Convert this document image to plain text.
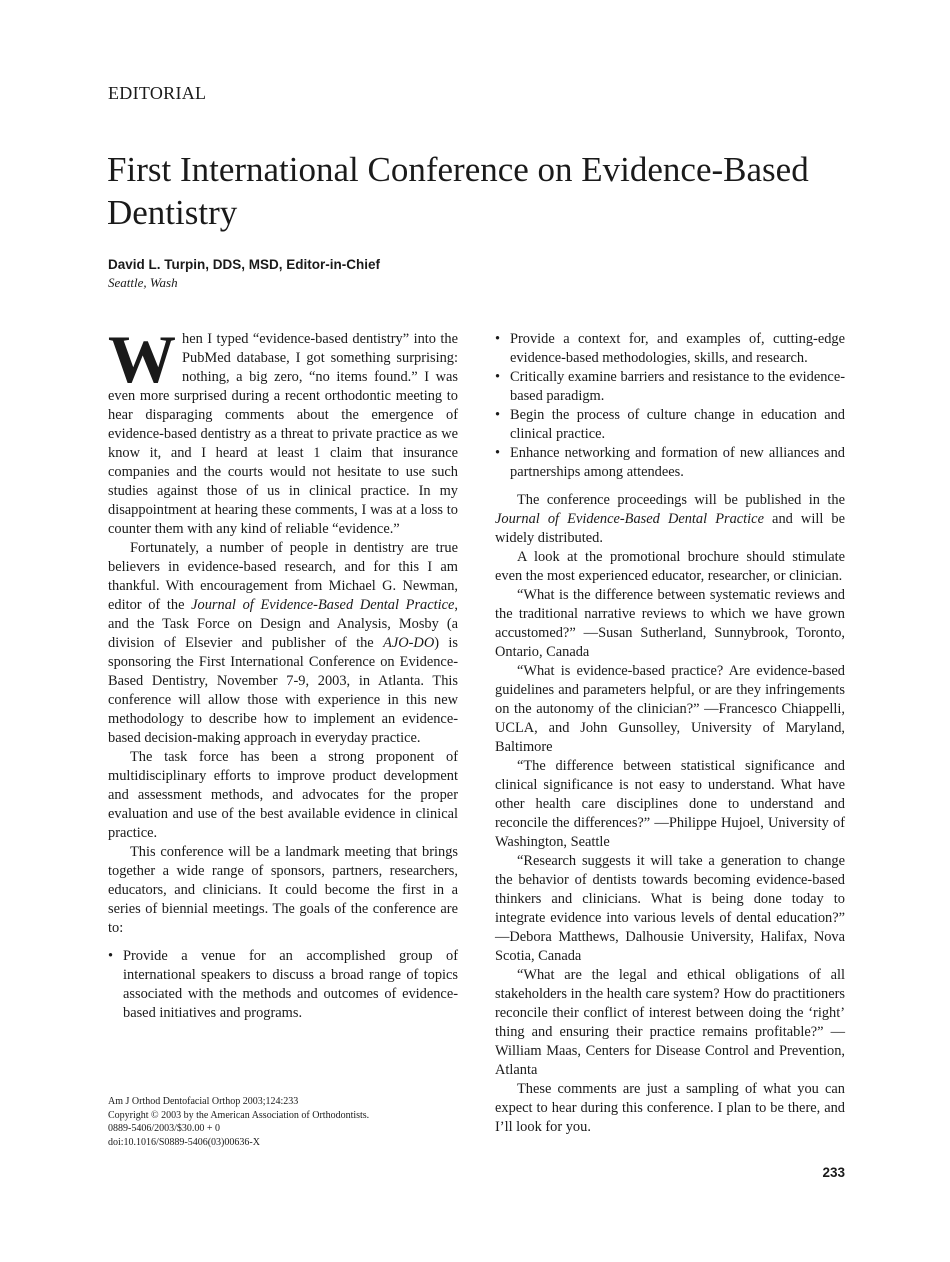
EDITORIAL
First International Conference on Evidence-Based Dentistry
David L. Turpin, DDS, MSD, Editor-in-Chief
Seattle, Wash

When I typed “evidence-based dentistry” into the PubMed database, I got something surprising: nothing, a big zero, “no items found.” I was even more surprised during a recent orthodontic meeting to hear disparaging comments about the emergence of evidence-based dentistry as a threat to private practice as we know it, and I heard at least 1 claim that insurance companies and the courts would not hesitate to use such studies against those of us in clinical practice. In my disappointment at hearing these comments, I was at a loss to counter them with any kind of reliable “evidence.”

Fortunately, a number of people in dentistry are true believers in evidence-based research, and for this I am thankful. With encouragement from Michael G. Newman, editor of the Journal of Evidence-Based Dental Practice, and the Task Force on Design and Analysis, Mosby (a division of Elsevier and publisher of the AJO-DO) is sponsoring the First International Conference on Evidence-Based Dentistry, November 7-9, 2003, in Atlanta. This conference will allow those with experience in this new methodology to describe how to implement an evidence-based decision-making approach in everyday practice.

The task force has been a strong proponent of multidisciplinary efforts to improve product development and assessment methods, and advocates for the proper evaluation and use of the best available evidence in clinical practice.

This conference will be a landmark meeting that brings together a wide range of sponsors, partners, researchers, educators, and clinicians. It could become the first in a series of biennial meetings. The goals of the conference are to:

• Provide a venue for an accomplished group of international speakers to discuss a broad range of topics associated with the methods and outcomes of evidence-based initiatives and programs.
• Provide a context for, and examples of, cutting-edge evidence-based methodologies, skills, and research.
• Critically examine barriers and resistance to the evidence-based paradigm.
• Begin the process of culture change in education and clinical practice.
• Enhance networking and formation of new alliances and partnerships among attendees.

The conference proceedings will be published in the Journal of Evidence-Based Dental Practice and will be widely distributed.

A look at the promotional brochure should stimulate even the most experienced educator, researcher, or clinician.

“What is the difference between systematic reviews and the traditional narrative reviews to which we have grown accustomed?” —Susan Sutherland, Sunnybrook, Toronto, Ontario, Canada

“What is evidence-based practice? Are evidence-based guidelines and parameters helpful, or are they infringements on the autonomy of the clinician?” —Francesco Chiappelli, UCLA, and John Gunsolley, University of Maryland, Baltimore

“The difference between statistical significance and clinical significance is not easy to understand. What have other health care disciplines done to understand and reconcile the differences?” —Philippe Hujoel, University of Washington, Seattle

“Research suggests it will take a generation to change the behavior of dentists towards becoming evidence-based thinkers and clinicians. What is being done today to integrate evidence into various levels of dental education?” —Debora Matthews, Dalhousie University, Halifax, Nova Scotia, Canada

“What are the legal and ethical obligations of all stakeholders in the health care system? How do practitioners reconcile their conflict of interest between doing the ‘right’ thing and ensuring their practice remains profitable?” —William Maas, Centers for Disease Control and Prevention, Atlanta

These comments are just a sampling of what you can expect to hear during this conference. I plan to be there, and I’ll look for you.

Am J Orthod Dentofacial Orthop 2003;124:233
Copyright © 2003 by the American Association of Orthodontists.
0889-5406/2003/$30.00 + 0
doi:10.1016/S0889-5406(03)00636-X
233
